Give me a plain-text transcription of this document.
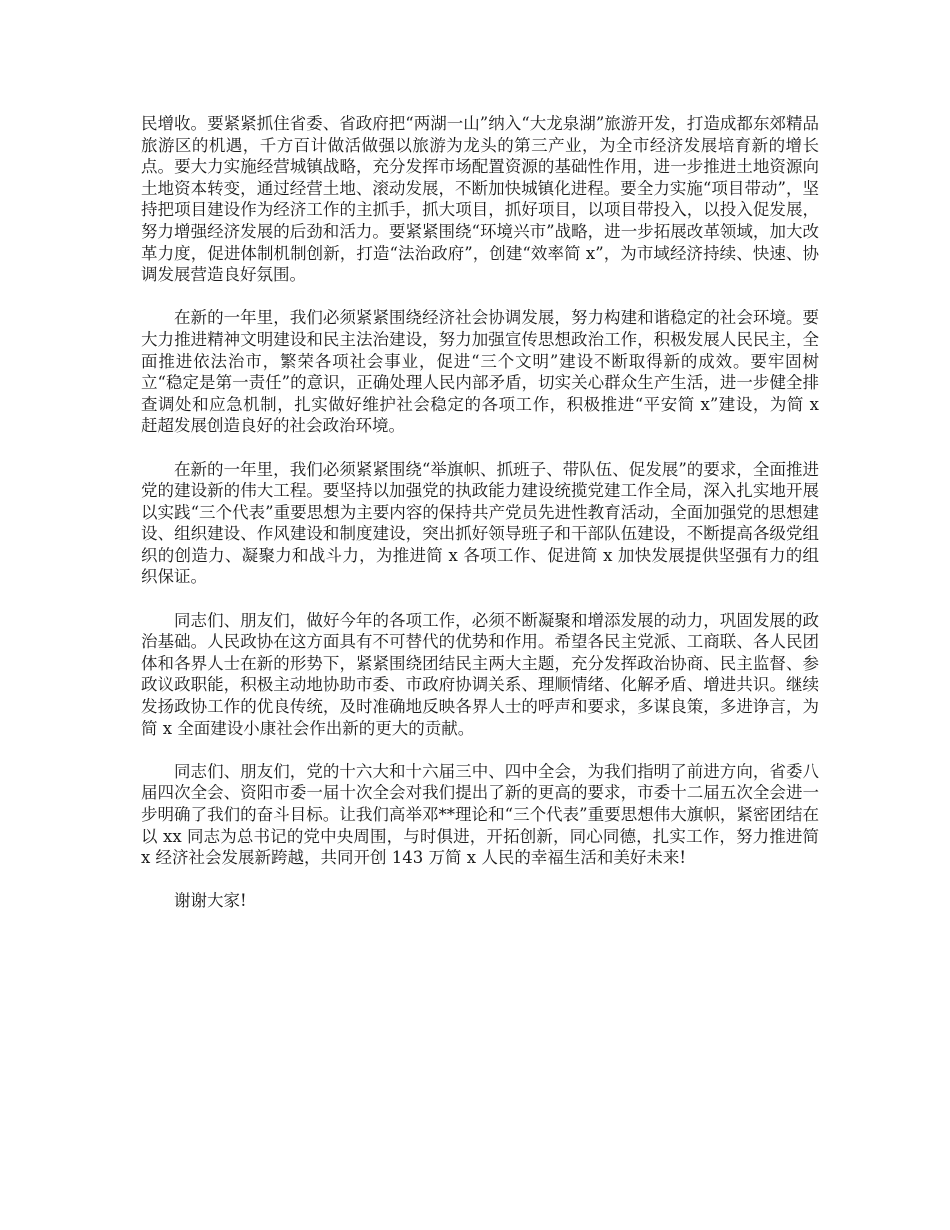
民增收。要紧紧抓住省委、省政府把“两湖一山”纳入“大龙泉湖”旅游开发，打造成都东郊精品旅游区的机遇，千方百计做活做强以旅游为龙头的第三产业，为全市经济发展培育新的增长点。要大力实施经营城镇战略，充分发挥市场配置资源的基础性作用，进一步推进土地资源向土地资本转变，通过经营土地、滚动发展，不断加快城镇化进程。要全力实施“项目带动”，坚持把项目建设作为经济工作的主抓手，抓大项目，抓好项目，以项目带投入，以投入促发展，努力增强经济发展的后劲和活力。要紧紧围绕“环境兴市”战略，进一步拓展改革领域，加大改革力度，促进体制机制创新，打造“法治政府”，创建“效率简 x”，为市域经济持续、快速、协调发展营造良好氛围。

在新的一年里，我们必须紧紧围绕经济社会协调发展，努力构建和谐稳定的社会环境。要大力推进精神文明建设和民主法治建设，努力加强宣传思想政治工作，积极发展人民民主，全面推进依法治市，繁荣各项社会事业，促进“三个文明”建设不断取得新的成效。要牢固树立“稳定是第一责任”的意识，正确处理人民内部矛盾，切实关心群众生产生活，进一步健全排查调处和应急机制，扎实做好维护社会稳定的各项工作，积极推进“平安简 x”建设，为简 x 赶超发展创造良好的社会政治环境。

在新的一年里，我们必须紧紧围绕“举旗帜、抓班子、带队伍、促发展”的要求，全面推进党的建设新的伟大工程。要坚持以加强党的执政能力建设统揽党建工作全局，深入扎实地开展以实践“三个代表”重要思想为主要内容的保持共产党员先进性教育活动，全面加强党的思想建设、组织建设、作风建设和制度建设，突出抓好领导班子和干部队伍建设，不断提高各级党组织的创造力、凝聚力和战斗力，为推进简 x 各项工作、促进简 x 加快发展提供坚强有力的组织保证。

同志们、朋友们，做好今年的各项工作，必须不断凝聚和增添发展的动力，巩固发展的政治基础。人民政协在这方面具有不可替代的优势和作用。希望各民主党派、工商联、各人民团体和各界人士在新的形势下，紧紧围绕团结民主两大主题，充分发挥政治协商、民主监督、参政议政职能，积极主动地协助市委、市政府协调关系、理顺情绪、化解矛盾、增进共识。继续发扬政协工作的优良传统，及时准确地反映各界人士的呼声和要求，多谋良策，多进诤言，为简 x 全面建设小康社会作出新的更大的贡献。

同志们、朋友们，党的十六大和十六届三中、四中全会，为我们指明了前进方向，省委八届四次全会、资阳市委一届十次全会对我们提出了新的更高的要求，市委十二届五次全会进一步明确了我们的奋斗目标。让我们高举邓**理论和“三个代表”重要思想伟大旗帜，紧密团结在以 xx 同志为总书记的党中央周围，与时俱进，开拓创新，同心同德，扎实工作，努力推进简 x 经济社会发展新跨越，共同开创 143 万简 x 人民的幸福生活和美好未来!

谢谢大家!
